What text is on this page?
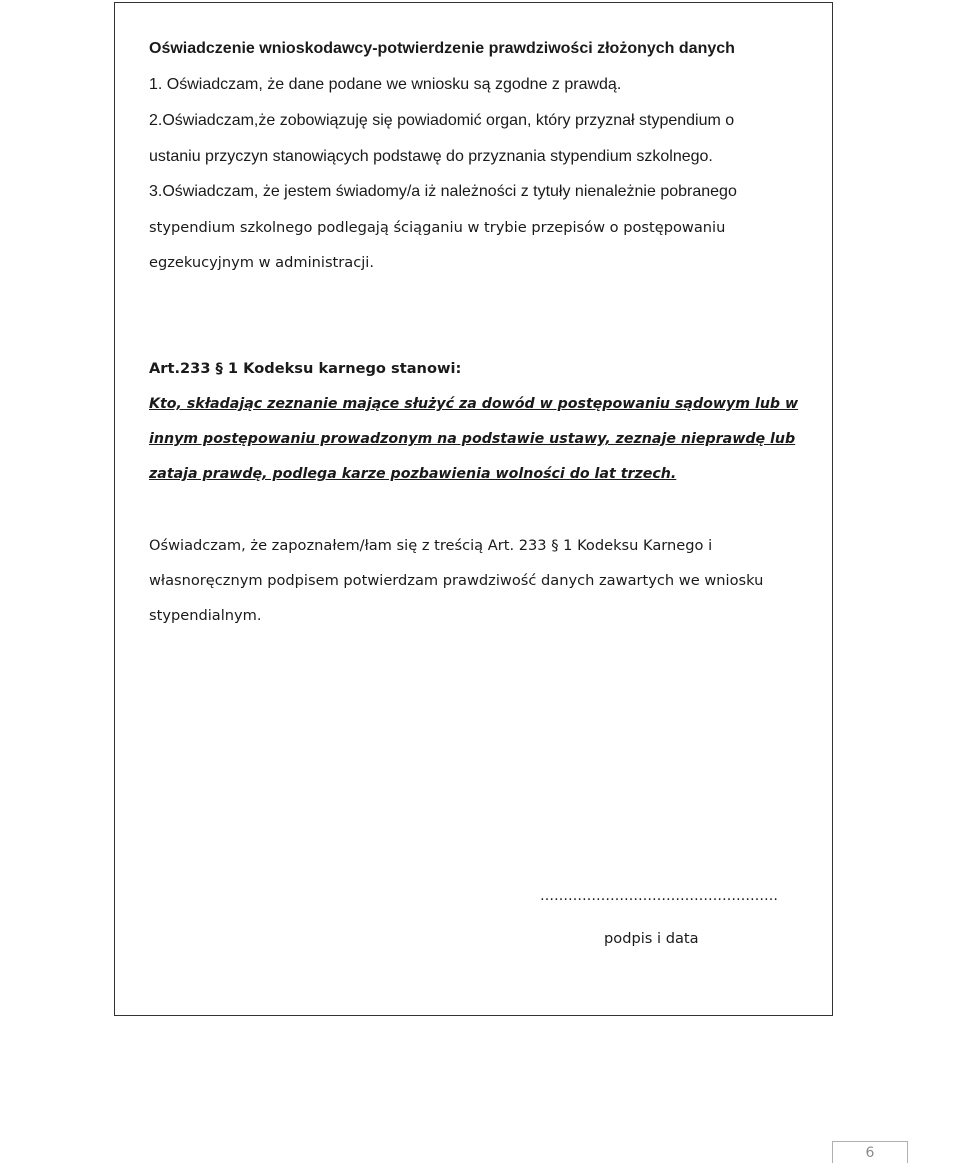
Oświadczenie wnioskodawcy-potwierdzenie prawdziwości złożonych danych
1. Oświadczam, że dane podane we wniosku są zgodne z prawdą.
2.Oświadczam,że zobowiązuję się powiadomić organ, który przyznał stypendium o
ustaniu przyczyn stanowiących podstawę do przyznania stypendium szkolnego.
3.Oświadczam, że jestem świadomy/a iż należności z tytuły nienależnie pobranego
stypendium szkolnego podlegają ściąganiu w trybie przepisów o postępowaniu
egzekucyjnym w administracji.
Art.233 § 1 Kodeksu karnego stanowi:
Kto, składając zeznanie mające służyć za dowód w postępowaniu sądowym lub w
innym postępowaniu prowadzonym na podstawie ustawy, zeznaje nieprawdę lub
zataja prawdę, podlega karze pozbawienia wolności do lat trzech.
Oświadczam, że zapoznałem/łam się z treścią Art. 233 § 1 Kodeksu Karnego i
własnoręcznym podpisem potwierdzam prawdziwość danych zawartych we wniosku
stypendialnym.
……………………………………………
podpis i data
6
